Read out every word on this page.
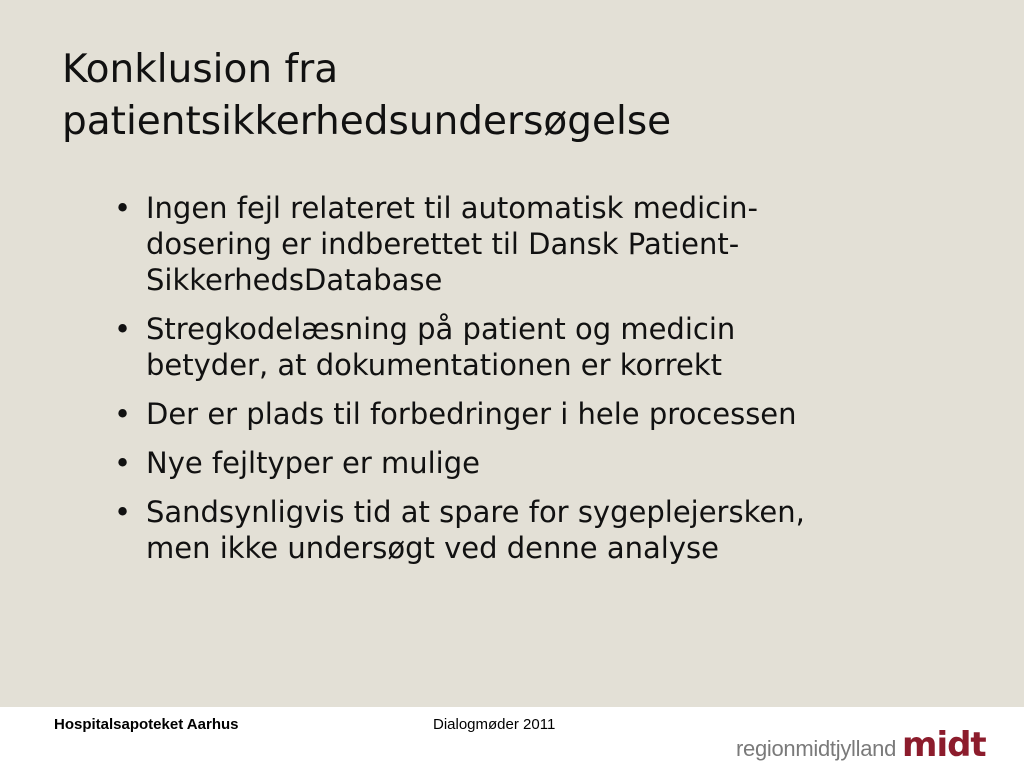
Konklusion fra
patientsikkerhedsundersøgelse
• Ingen fejl relateret til automatisk medicin-
dosering er indberettet til Dansk Patient-
SikkerhedsDatabase
• Stregkodelæsning på patient og medicin
betyder, at dokumentationen er korrekt
• Der er plads til forbedringer i hele processen
• Nye fejltyper er mulige
• Sandsynligvis tid at spare for sygeplejersken,
men ikke undersøgt ved denne analyse
Hospitalsapoteket Aarhus	Dialogmøder 2011
region midt jylland midt
